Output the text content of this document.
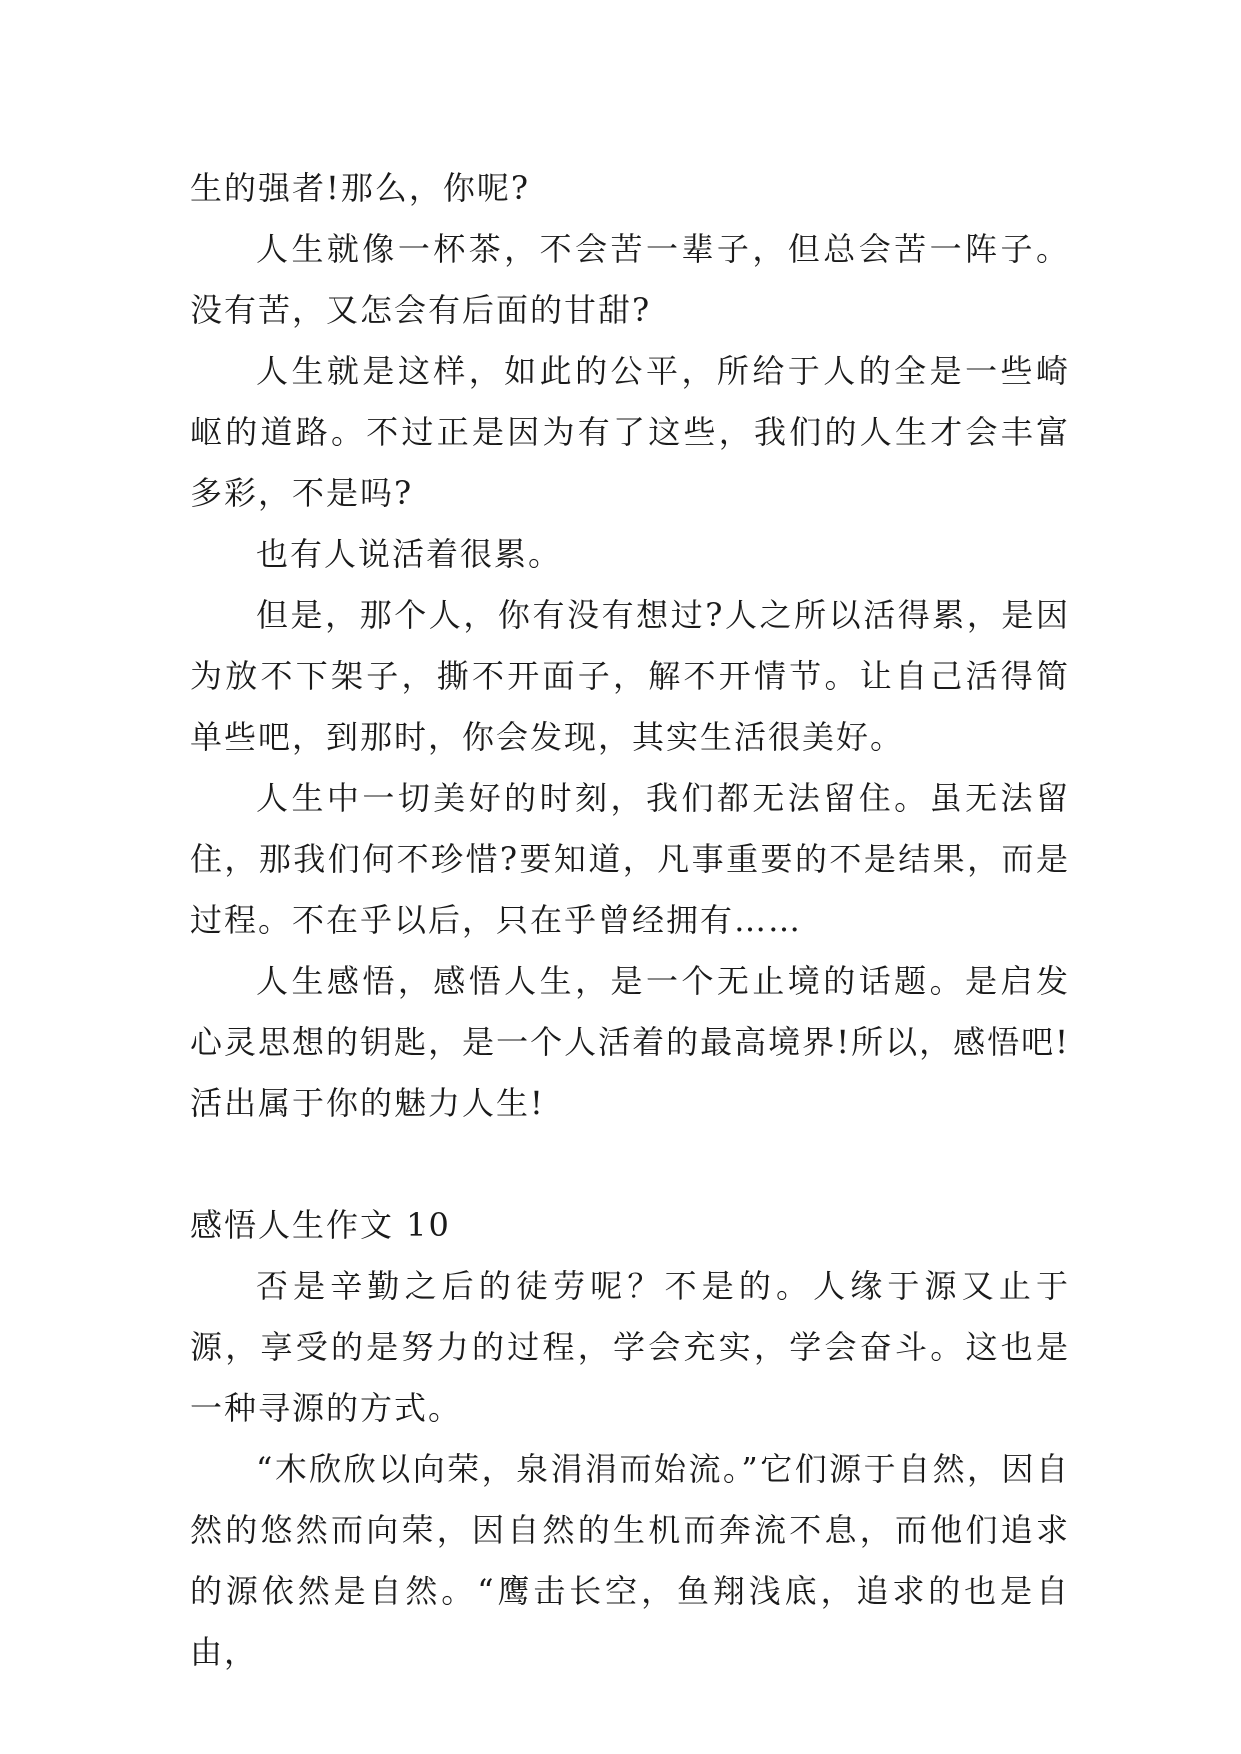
生的强者!那么，你呢?

人生就像一杯茶，不会苦一辈子，但总会苦一阵子。没有苦，又怎会有后面的甘甜?

人生就是这样，如此的公平，所给于人的全是一些崎岖的道路。不过正是因为有了这些，我们的人生才会丰富多彩，不是吗?

也有人说活着很累。

但是，那个人，你有没有想过?人之所以活得累，是因为放不下架子，撕不开面子，解不开情节。让自己活得简单些吧，到那时，你会发现，其实生活很美好。

人生中一切美好的时刻，我们都无法留住。虽无法留住，那我们何不珍惜?要知道，凡事重要的不是结果，而是过程。不在乎以后，只在乎曾经拥有……

人生感悟，感悟人生，是一个无止境的话题。是启发心灵思想的钥匙，是一个人活着的最高境界!所以，感悟吧!活出属于你的魅力人生!

感悟人生作文 10

否是辛勤之后的徒劳呢？不是的。人缘于源又止于源，享受的是努力的过程，学会充实，学会奋斗。这也是一种寻源的方式。

“木欣欣以向荣，泉涓涓而始流。”它们源于自然，因自然的悠然而向荣，因自然的生机而奔流不息，而他们追求的源依然是自然。“鹰击长空，鱼翔浅底，追求的也是自由，
